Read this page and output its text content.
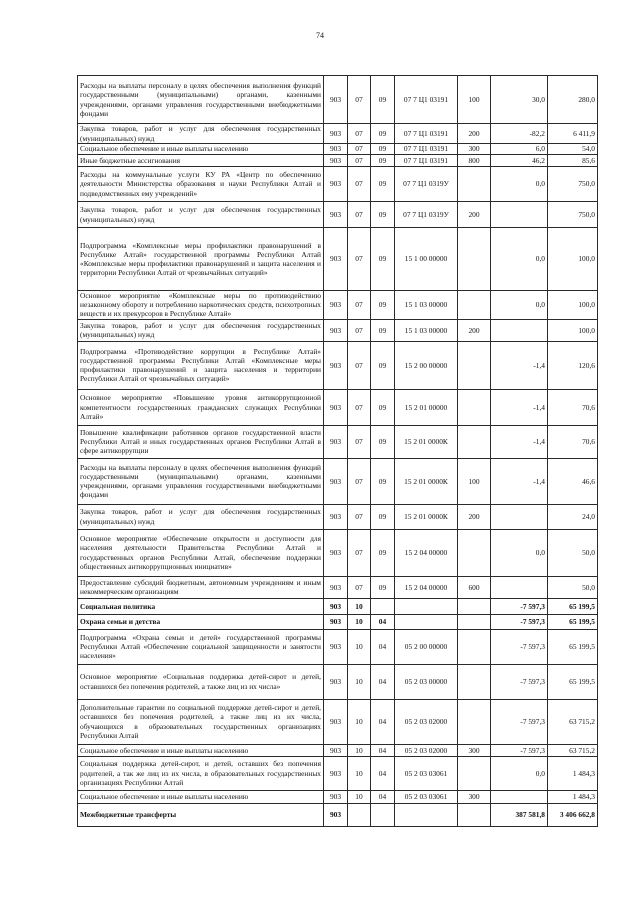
74
Расходы на выплаты персоналу в целях обеспечения выполнения функций государственными (муниципальными) органами, казенными учреждениями, органами управления государственными внебюджетными фондами	903	07	09	07 7 Ц1 03191	100	30,0	280,0
Закупка товаров, работ и услуг для обеспечения государственных (муниципальных) нужд	903	07	09	07 7 Ц1 03191	200	-82,2	6 411,9
Социальное обеспечение и иные выплаты населению	903	07	09	07 7 Ц1 03191	300	6,0	54,0
Иные бюджетные ассигнования	903	07	09	07 7 Ц1 03191	800	46,2	85,6
Расходы на коммунальные услуги КУ РА «Центр по обеспечению деятельности Министерства образования и науки Республики Алтай и подведомственных ему учреждений»	903	07	09	07 7 Ц1 0319У		0,0	750,0
Закупка товаров, работ и услуг для обеспечения государственных (муниципальных) нужд	903	07	09	07 7 Ц1 0319У	200		750,0
Подпрограмма «Комплексные меры профилактики правонарушений в Республике Алтай» государственной программы Республики Алтай «Комплексные меры профилактики правонарушений и защита населения и территории Республики Алтай от чрезвычайных ситуаций»	903	07	09	15 1 00 00000		0,0	100,0
Основное мероприятие «Комплексные меры по противодействию незаконному обороту и потреблению наркотических средств, психотропных веществ и их прекурсоров в Республике Алтай»	903	07	09	15 1 03 00000		0,0	100,0
Закупка товаров, работ и услуг для обеспечения государственных (муниципальных) нужд	903	07	09	15 1 03 00000	200		100,0
Подпрограмма «Противодействие коррупции в Республике Алтай» государственной программы Республики Алтай «Комплексные меры профилактики правонарушений и защита населения и территории Республики Алтай от чрезвычайных ситуаций»	903	07	09	15 2 00 00000		-1,4	120,6
Основное мероприятие «Повышение уровня антикоррупционной компетентности государственных гражданских служащих Республики Алтай»	903	07	09	15 2 01 00000		-1,4	70,6
Повышение квалификации работников органов государственной власти Республики Алтай и иных государственных органов Республики Алтай в сфере антикоррупции	903	07	09	15 2 01 0000К		-1,4	70,6
Расходы на выплаты персоналу в целях обеспечения выполнения функций государственными (муниципальными) органами, казенными учреждениями, органами управления государственными внебюджетными фондами	903	07	09	15 2 01 0000К	100	-1,4	46,6
Закупка товаров, работ и услуг для обеспечения государственных (муниципальных) нужд	903	07	09	15 2 01 0000К	200		24,0
Основное мероприятие «Обеспечение открытости и доступности для населения деятельности Правительства Республики Алтай и государственных органов Республики Алтай, обеспечение поддержки общественных антикоррупционных инициатив»	903	07	09	15 2 04 00000		0,0	50,0
Предоставление субсидий бюджетным, автономным учреждениям и иным некоммерческим организациям	903	07	09	15 2 04 00000	600		50,0
Социальная политика	903	10				-7 597,3	65 199,5
Охрана семьи и детства	903	10	04			-7 597,3	65 199,5
Подпрограмма «Охрана семьи и детей» государственной программы Республики Алтай «Обеспечение социальной защищенности и занятости населения»	903	10	04	05 2 00 00000		-7 597,3	65 199,5
Основное мероприятие «Социальная поддержка детей-сирот и детей, оставшихся без попечения родителей, а также лиц из их числа»	903	10	04	05 2 03 00000		-7 597,3	65 199,5
Дополнительные гарантии по социальной поддержке детей-сирот и детей, оставшихся без попечения родителей, а также лиц из их числа, обучающихся в образовательных государственных организациях Республики Алтай	903	10	04	05 2 03 02000		-7 597,3	63 715,2
Социальное обеспечение и иные выплаты населению	903	10	04	05 2 03 02000	300	-7 597,3	63 715,2
Социальная поддержка детей-сирот, и детей, оставших без попечения родителей, а так же лиц из их числа, в образовательных государственных организациях Республики Алтай	903	10	04	05 2 03 03061		0,0	1 484,3
Социальное обеспечение и иные выплаты населению	903	10	04	05 2 03 03061	300		1 484,3
Межбюджетные трансферты	903					387 581,8	3 406 662,8
